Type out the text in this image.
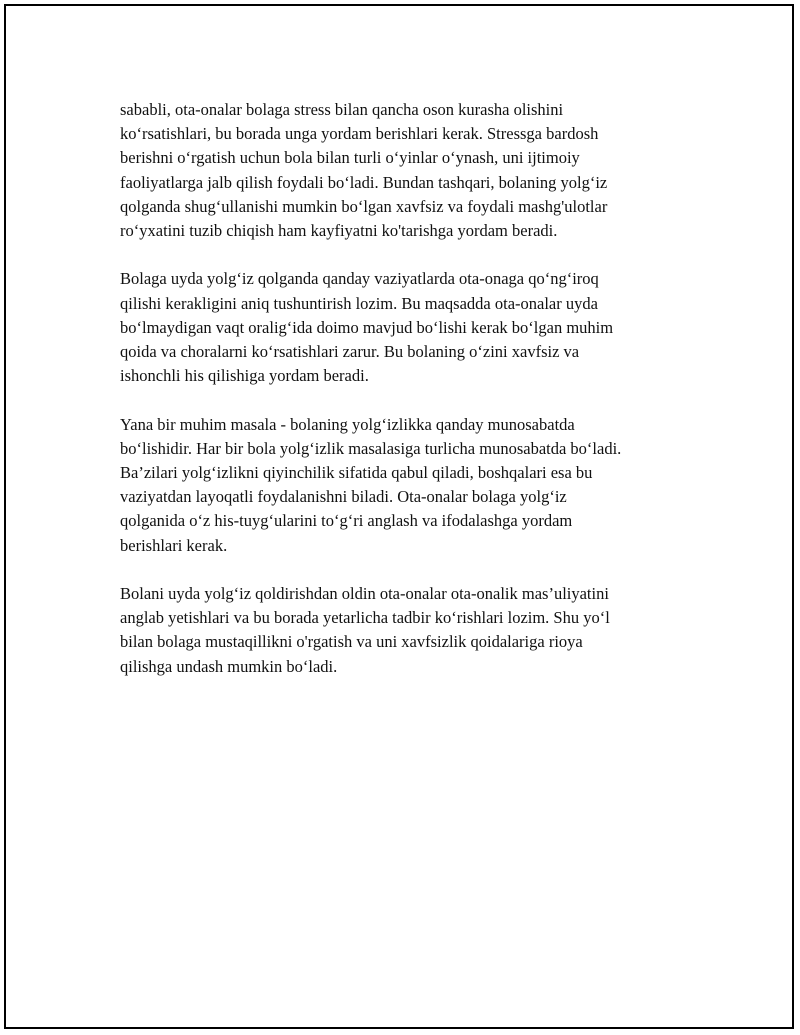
sababli, ota-onalar bolaga stress bilan qancha oson kurasha olishini
ko‘rsatishlari, bu borada unga yordam berishlari kerak. Stressga bardosh
berishni o‘rgatish uchun bola bilan turli o‘yinlar o‘ynash, uni ijtimoiy
faoliyatlarga jalb qilish foydali bo‘ladi. Bundan tashqari, bolaning yolg‘iz
qolganda shug‘ullanishi mumkin bo‘lgan xavfsiz va foydali mashg'ulotlar
ro‘yxatini tuzib chiqish ham kayfiyatni ko'tarishga yordam beradi.

Bolaga uyda yolg‘iz qolganda qanday vaziyatlarda ota-onaga qo‘ng‘iroq
qilishi kerakligini aniq tushuntirish lozim. Bu maqsadda ota-onalar uyda
bo‘lmaydigan vaqt oralig‘ida doimo mavjud bo‘lishi kerak bo‘lgan muhim
qoida va choralarni ko‘rsatishlari zarur. Bu bolaning o‘zini xavfsiz va
ishonchli his qilishiga yordam beradi.

Yana bir muhim masala - bolaning yolg‘izlikka qanday munosabatda
bo‘lishidir. Har bir bola yolg‘izlik masalasiga turlicha munosabatda bo‘ladi.
Ba’zilari yolg‘izlikni qiyinchilik sifatida qabul qiladi, boshqalari esa bu
vaziyatdan layoqatli foydalanishni biladi. Ota-onalar bolaga yolg‘iz
qolganida o‘z his-tuyg‘ularini to‘g‘ri anglash va ifodalashga yordam
berishlari kerak.

Bolani uyda yolg‘iz qoldirishdan oldin ota-onalar ota-onalik mas’uliyatini
anglab yetishlari va bu borada yetarlicha tadbir ko‘rishlari lozim. Shu yo‘l
bilan bolaga mustaqillikni o'rgatish va uni xavfsizlik qoidalariga rioya
qilishga undash mumkin bo‘ladi.
